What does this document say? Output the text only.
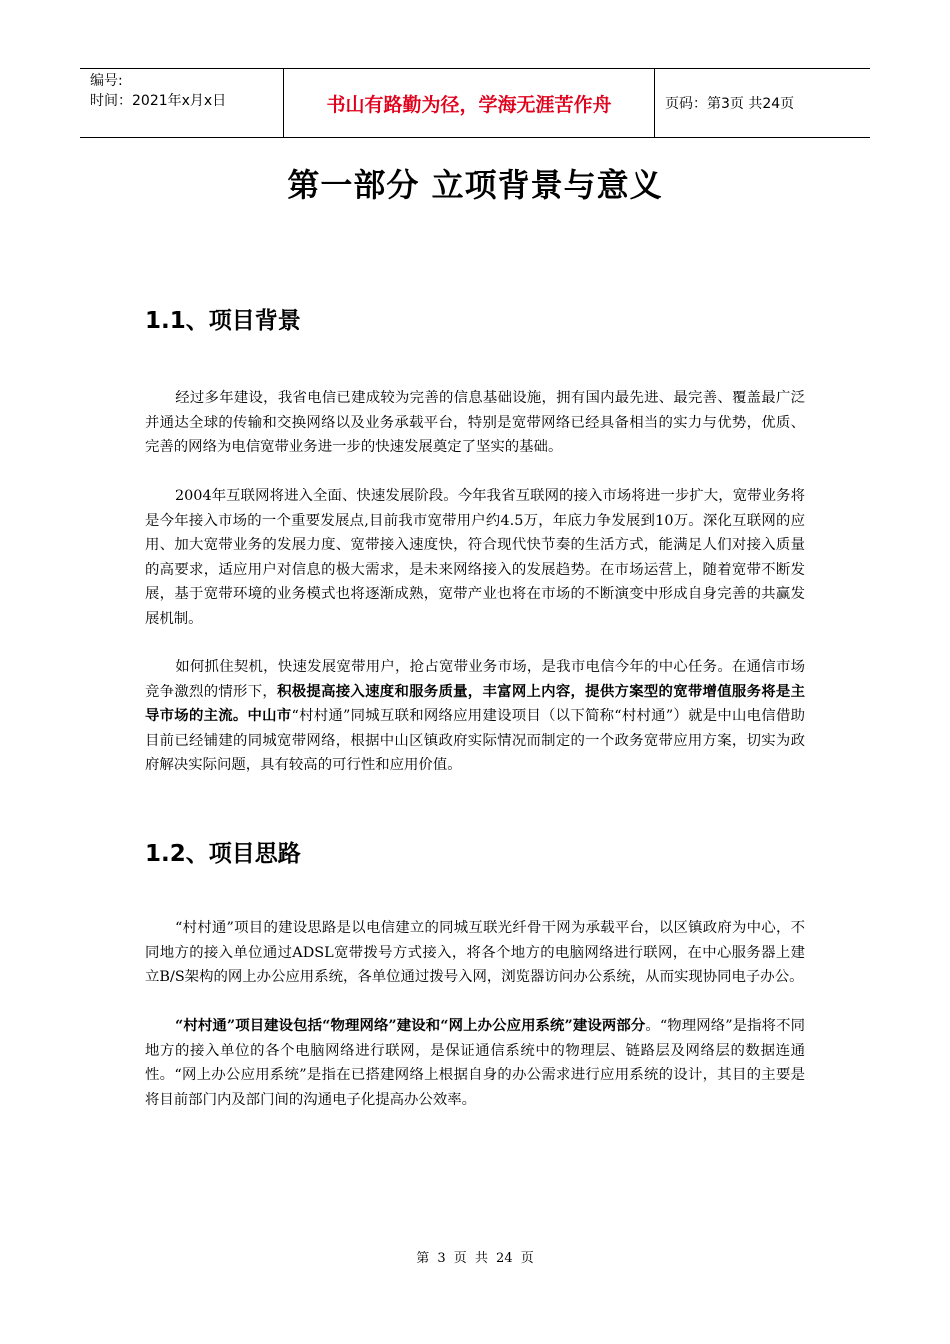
编号:
时间：2021年x月x日	书山有路勤为径，学海无涯苦作舟	页码：第3页 共24页
第一部分 立项背景与意义
1.1、项目背景
经过多年建设，我省电信已建成较为完善的信息基础设施，拥有国内最先进、最完善、覆盖最广泛并通达全球的传输和交换网络以及业务承载平台，特别是宽带网络已经具备相当的实力与优势，优质、完善的网络为电信宽带业务进一步的快速发展奠定了坚实的基础。
2004年互联网将进入全面、快速发展阶段。今年我省互联网的接入市场将进一步扩大，宽带业务将是今年接入市场的一个重要发展点,目前我市宽带用户约4.5万，年底力争发展到10万。深化互联网的应用、加大宽带业务的发展力度、宽带接入速度快，符合现代快节奏的生活方式，能满足人们对接入质量的高要求，适应用户对信息的极大需求，是未来网络接入的发展趋势。在市场运营上，随着宽带不断发展，基于宽带环境的业务模式也将逐渐成熟，宽带产业也将在市场的不断演变中形成自身完善的共赢发展机制。
如何抓住契机，快速发展宽带用户，抢占宽带业务市场，是我市电信今年的中心任务。在通信市场竞争激烈的情形下，积极提高接入速度和服务质量，丰富网上内容，提供方案型的宽带增值服务将是主导市场的主流。中山市“村村通”同城互联和网络应用建设项目（以下简称“村村通”）就是中山电信借助目前已经铺建的同城宽带网络，根据中山区镇政府实际情况而制定的一个政务宽带应用方案，切实为政府解决实际问题，具有较高的可行性和应用价值。
1.2、项目思路
“村村通”项目的建设思路是以电信建立的同城互联光纤骨干网为承载平台，以区镇政府为中心，不同地方的接入单位通过ADSL宽带拨号方式接入，将各个地方的电脑网络进行联网，在中心服务器上建立B/S架构的网上办公应用系统，各单位通过拨号入网，浏览器访问办公系统，从而实现协同电子办公。
“村村通”项目建设包括“物理网络”建设和“网上办公应用系统”建设两部分。“物理网络”是指将不同地方的接入单位的各个电脑网络进行联网，是保证通信系统中的物理层、链路层及网络层的数据连通性。“网上办公应用系统”是指在已搭建网络上根据自身的办公需求进行应用系统的设计，其目的主要是将目前部门内及部门间的沟通电子化提高办公效率。
第 3 页 共 24 页
